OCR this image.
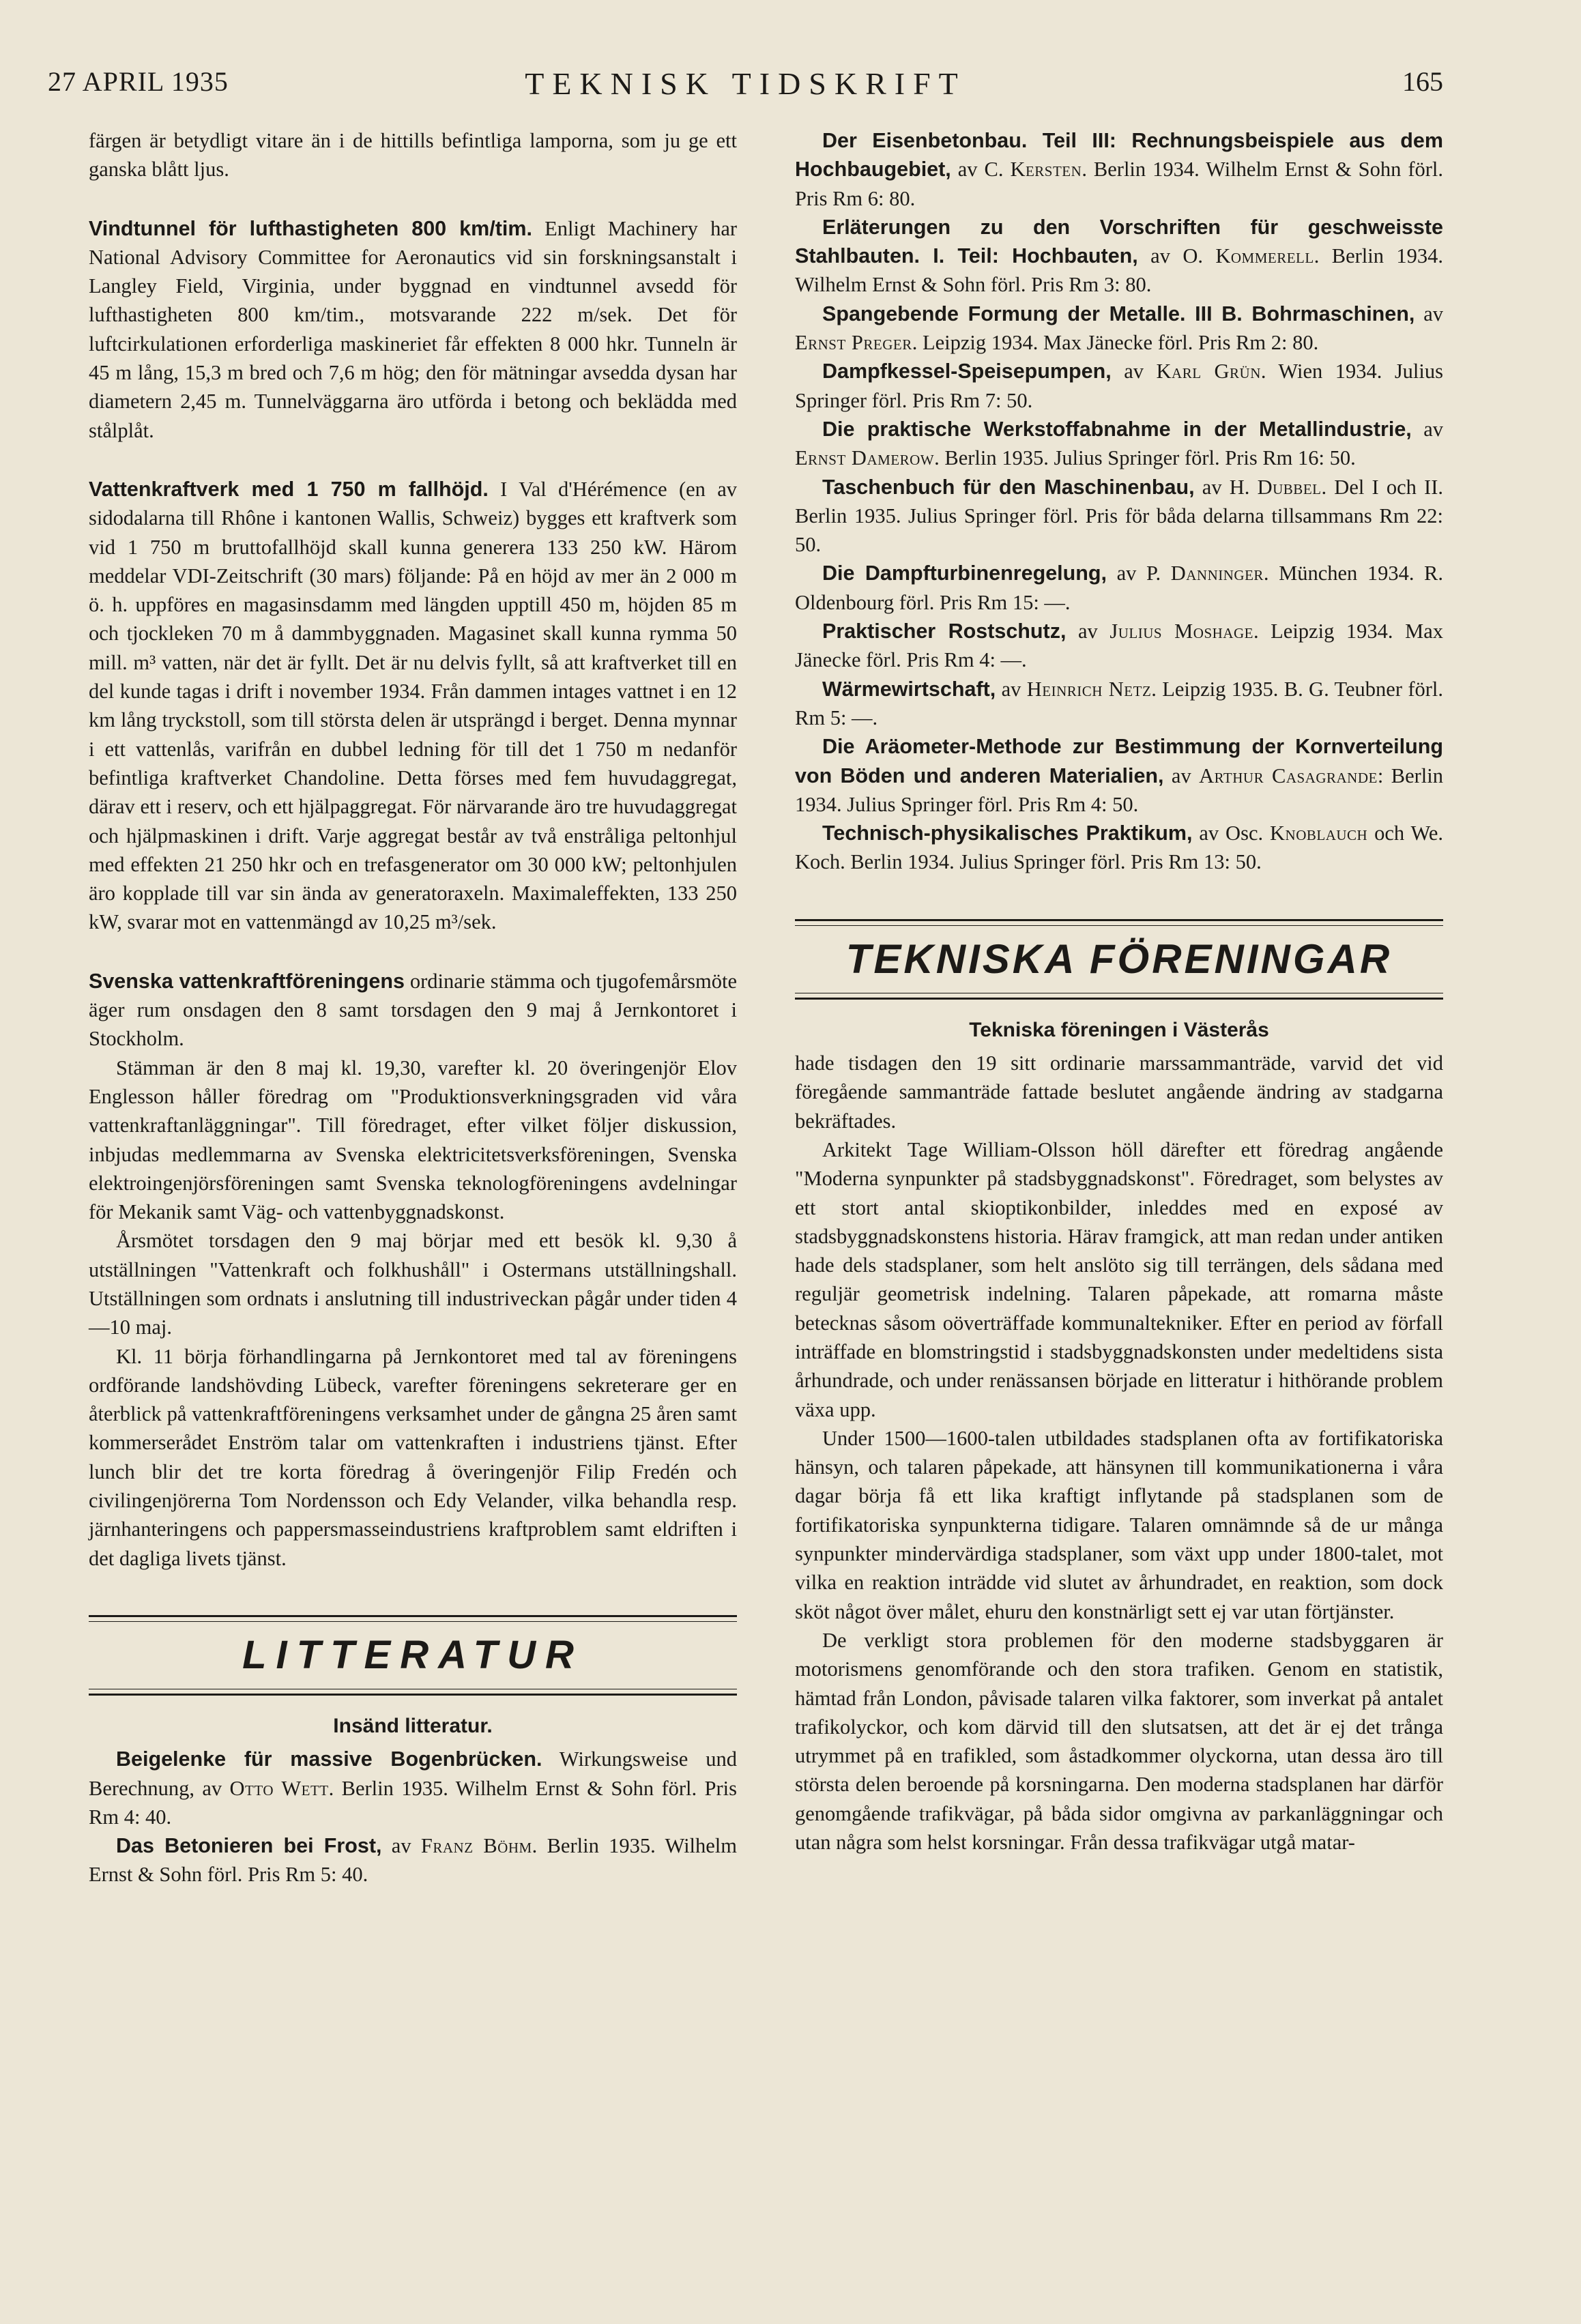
27 APRIL 1935	TEKNISK TIDSKRIFT	165

färgen är betydligt vitare än i de hittills befintliga lamporna, som ju ge ett ganska blått ljus.

Vindtunnel för lufthastigheten 800 km/tim. Enligt Machinery har National Advisory Committee for Aeronautics vid sin forskningsanstalt i Langley Field, Virginia, under byggnad en vindtunnel avsedd för lufthastigheten 800 km/tim., motsvarande 222 m/sek. Det för luftcirkulationen erforderliga maskineriet får effekten 8 000 hkr. Tunneln är 45 m lång, 15,3 m bred och 7,6 m hög; den för mätningar avsedda dysan har diametern 2,45 m. Tunnelväggarna äro utförda i betong och beklädda med stålplåt.

Vattenkraftverk med 1 750 m fallhöjd. I Val d'Hérémence (en av sidodalarna till Rhône i kantonen Wallis, Schweiz) bygges ett kraftverk som vid 1 750 m bruttofallhöjd skall kunna generera 133 250 kW. Härom meddelar VDI-Zeitschrift (30 mars) följande: På en höjd av mer än 2 000 m ö. h. uppföres en magasinsdamm med längden upptill 450 m, höjden 85 m och tjockleken 70 m å dammbyggnaden. Magasinet skall kunna rymma 50 mill. m³ vatten, när det är fyllt. Det är nu delvis fyllt, så att kraftverket till en del kunde tagas i drift i november 1934. Från dammen intages vattnet i en 12 km lång tryckstoll, som till största delen är utsprängd i berget. Denna mynnar i ett vattenlås, varifrån en dubbel ledning för till det 1 750 m nedanför befintliga kraftverket Chandoline. Detta förses med fem huvudaggregat, därav ett i reserv, och ett hjälpaggregat. För närvarande äro tre huvudaggregat och hjälpmaskinen i drift. Varje aggregat består av två enstråliga peltonhjul med effekten 21 250 hkr och en trefasgenerator om 30 000 kW; peltonhjulen äro kopplade till var sin ända av generatoraxeln. Maximaleffekten, 133 250 kW, svarar mot en vattenmängd av 10,25 m³/sek.

Svenska vattenkraftföreningens ordinarie stämma och tjugofemårsmöte äger rum onsdagen den 8 samt torsdagen den 9 maj å Jernkontoret i Stockholm.

Stämman är den 8 maj kl. 19,30, varefter kl. 20 överingenjör Elov Englesson håller föredrag om "Produktionsverkningsgraden vid våra vattenkraftanläggningar". Till föredraget, efter vilket följer diskussion, inbjudas medlemmarna av Svenska elektricitetsverksföreningen, Svenska elektroingenjörsföreningen samt Svenska teknologföreningens avdelningar för Mekanik samt Väg- och vattenbyggnadskonst.

Årsmötet torsdagen den 9 maj börjar med ett besök kl. 9,30 å utställningen "Vattenkraft och folkhushåll" i Ostermans utställningshall. Utställningen som ordnats i anslutning till industriveckan pågår under tiden 4—10 maj.

Kl. 11 börja förhandlingarna på Jernkontoret med tal av föreningens ordförande landshövding Lübeck, varefter föreningens sekreterare ger en återblick på vattenkraftföreningens verksamhet under de gångna 25 åren samt kommerserådet Enström talar om vattenkraften i industriens tjänst. Efter lunch blir det tre korta föredrag å överingenjör Filip Fredén och civilingenjörerna Tom Nordensson och Edy Velander, vilka behandla resp. järnhanteringens och pappersmasseindustriens kraftproblem samt eldriften i det dagliga livets tjänst.

LITTERATUR
Insänd litteratur.

Beigelenke für massive Bogenbrücken. Wirkungsweise und Berechnung, av Otto Wett. Berlin 1935. Wilhelm Ernst & Sohn förl. Pris Rm 4: 40.

Das Betonieren bei Frost, av Franz Böhm. Berlin 1935. Wilhelm Ernst & Sohn förl. Pris Rm 5: 40.

Der Eisenbetonbau. Teil III: Rechnungsbeispiele aus dem Hochbaugebiet, av C. Kersten. Berlin 1934. Wilhelm Ernst & Sohn förl. Pris Rm 6: 80.

Erläterungen zu den Vorschriften für geschweisste Stahlbauten. I. Teil: Hochbauten, av O. Kommerell. Berlin 1934. Wilhelm Ernst & Sohn förl. Pris Rm 3: 80.

Spangebende Formung der Metalle. III B. Bohrmaschinen, av Ernst Preger. Leipzig 1934. Max Jänecke förl. Pris Rm 2: 80.

Dampfkessel-Speisepumpen, av Karl Grün. Wien 1934. Julius Springer förl. Pris Rm 7: 50.

Die praktische Werkstoffabnahme in der Metallindustrie, av Ernst Damerow. Berlin 1935. Julius Springer förl. Pris Rm 16: 50.

Taschenbuch für den Maschinenbau, av H. Dubbel. Del I och II. Berlin 1935. Julius Springer förl. Pris för båda delarna tillsammans Rm 22: 50.

Die Dampfturbinenregelung, av P. Danninger. München 1934. R. Oldenbourg förl. Pris Rm 15: —.

Praktischer Rostschutz, av Julius Moshage. Leipzig 1934. Max Jänecke förl. Pris Rm 4: —.

Wärmewirtschaft, av Heinrich Netz. Leipzig 1935. B. G. Teubner förl. Rm 5: —.

Die Aräometer-Methode zur Bestimmung der Kornverteilung von Böden und anderen Materialien, av Arthur Casagrande: Berlin 1934. Julius Springer förl. Pris Rm 4: 50.

Technisch-physikalisches Praktikum, av Osc. Knoblauch och We. Koch. Berlin 1934. Julius Springer förl. Pris Rm 13: 50.

TEKNISKA FÖRENINGAR
Tekniska föreningen i Västerås

hade tisdagen den 19 sitt ordinarie marssammanträde, varvid det vid föregående sammanträde fattade beslutet angående ändring av stadgarna bekräftades.

Arkitekt Tage William-Olsson höll därefter ett föredrag angående "Moderna synpunkter på stadsbyggnadskonst". Föredraget, som belystes av ett stort antal skioptikonbilder, inleddes med en exposé av stadsbyggnadskonstens historia. Härav framgick, att man redan under antiken hade dels stadsplaner, som helt anslöto sig till terrängen, dels sådana med reguljär geometrisk indelning. Talaren påpekade, att romarna måste betecknas såsom oöverträffade kommunaltekniker. Efter en period av förfall inträffade en blomstringstid i stadsbyggnadskonsten under medeltidens sista århundrade, och under renässansen började en litteratur i hithörande problem växa upp.

Under 1500—1600-talen utbildades stadsplanen ofta av fortifikatoriska hänsyn, och talaren påpekade, att hänsynen till kommunikationerna i våra dagar börja få ett lika kraftigt inflytande på stadsplanen som de fortifikatoriska synpunkterna tidigare. Talaren omnämnde så de ur många synpunkter mindervärdiga stadsplaner, som växt upp under 1800-talet, mot vilka en reaktion inträdde vid slutet av århundradet, en reaktion, som dock sköt något över målet, ehuru den konstnärligt sett ej var utan förtjänster.

De verkligt stora problemen för den moderne stadsbyggaren är motorismens genomförande och den stora trafiken. Genom en statistik, hämtad från London, påvisade talaren vilka faktorer, som inverkat på antalet trafikolyckor, och kom därvid till den slutsatsen, att det är ej det trånga utrymmet på en trafikled, som åstadkommer olyckorna, utan dessa äro till största delen beroende på korsningarna. Den moderna stadsplanen har därför genomgående trafikvägar, på båda sidor omgivna av parkanläggningar och utan några som helst korsningar. Från dessa trafikvägar utgå matar-
